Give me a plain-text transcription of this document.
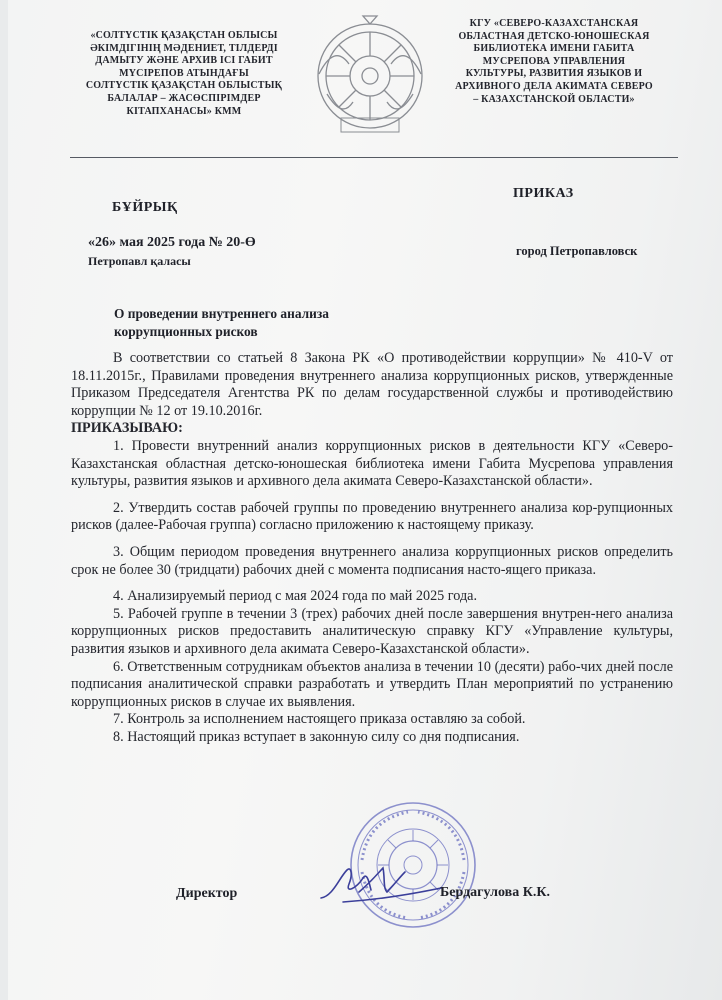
«СОЛТҮСТІК ҚАЗАҚСТАН ОБЛЫСЫ
ӘКІМДІГІНІҢ МӘДЕНИЕТ, ТІЛДЕРДІ
ДАМЫТУ ЖӘНЕ АРХИВ ІСІ ГАБИТ
МҮСІРЕПОВ АТЫНДАҒЫ
СОЛТҮСТІК ҚАЗАҚСТАН ОБЛЫСТЫҚ
БАЛАЛАР – ЖАСӨСПІРІМДЕР
КІТАПХАНАСЫ» КММ
КГУ «СЕВЕРО-КАЗАХСТАНСКАЯ
ОБЛАСТНАЯ ДЕТСКО-ЮНОШЕСКАЯ
БИБЛИОТЕКА ИМЕНИ ГАБИТА
МУСРЕПОВА УПРАВЛЕНИЯ
КУЛЬТУРЫ, РАЗВИТИЯ ЯЗЫКОВ И
АРХИВНОГО ДЕЛА АКИМАТА СЕВЕРО
– КАЗАХСТАНСКОЙ ОБЛАСТИ»
БҰЙРЫҚ
ПРИКАЗ
«26» мая 2025 года № 20-Ө
Петропавл қаласы
город Петропавловск
О проведении внутреннего анализа
коррупционных рисков

В соответствии со статьей 8 Закона РК «О противодействии коррупции» № 410-V от 18.11.2015г., Правилами проведения внутреннего анализа коррупционных рисков, утвержденные Приказом Председателя Агентства РК по делам государственной службы и противодействию коррупции № 12 от 19.10.2016г.

ПРИКАЗЫВАЮ:

1. Провести внутренний анализ коррупционных рисков в деятельности КГУ «Северо-Казахстанская областная детско-юношеская библиотека имени Габита Мусрепова управления культуры, развития языков и архивного дела акимата Северо-Казахстанской области».

2. Утвердить состав рабочей группы по проведению внутреннего анализа кор-рупционных рисков (далее-Рабочая группа) согласно приложению к настоящему приказу.

3. Общим периодом проведения внутреннего анализа коррупционных рисков определить срок не более 30 (тридцати) рабочих дней с момента подписания насто-ящего приказа.

4. Анализируемый период с мая 2024 года по май 2025 года.

5. Рабочей группе в течении 3 (трех) рабочих дней после завершения внутрен-него анализа коррупционных рисков предоставить аналитическую справку КГУ «Управление культуры, развития языков и архивного дела акимата Северо-Казахстанской области».

6. Ответственным сотрудникам объектов анализа в течении 10 (десяти) рабо-чих дней после подписания аналитической справки разработать и утвердить План мероприятий по устранению коррупционных рисков в случае их выявления.

7. Контроль за исполнением настоящего приказа оставляю за собой.

8. Настоящий приказ вступает в законную силу со дня подписания.

Директор	Бердагулова К.К.
